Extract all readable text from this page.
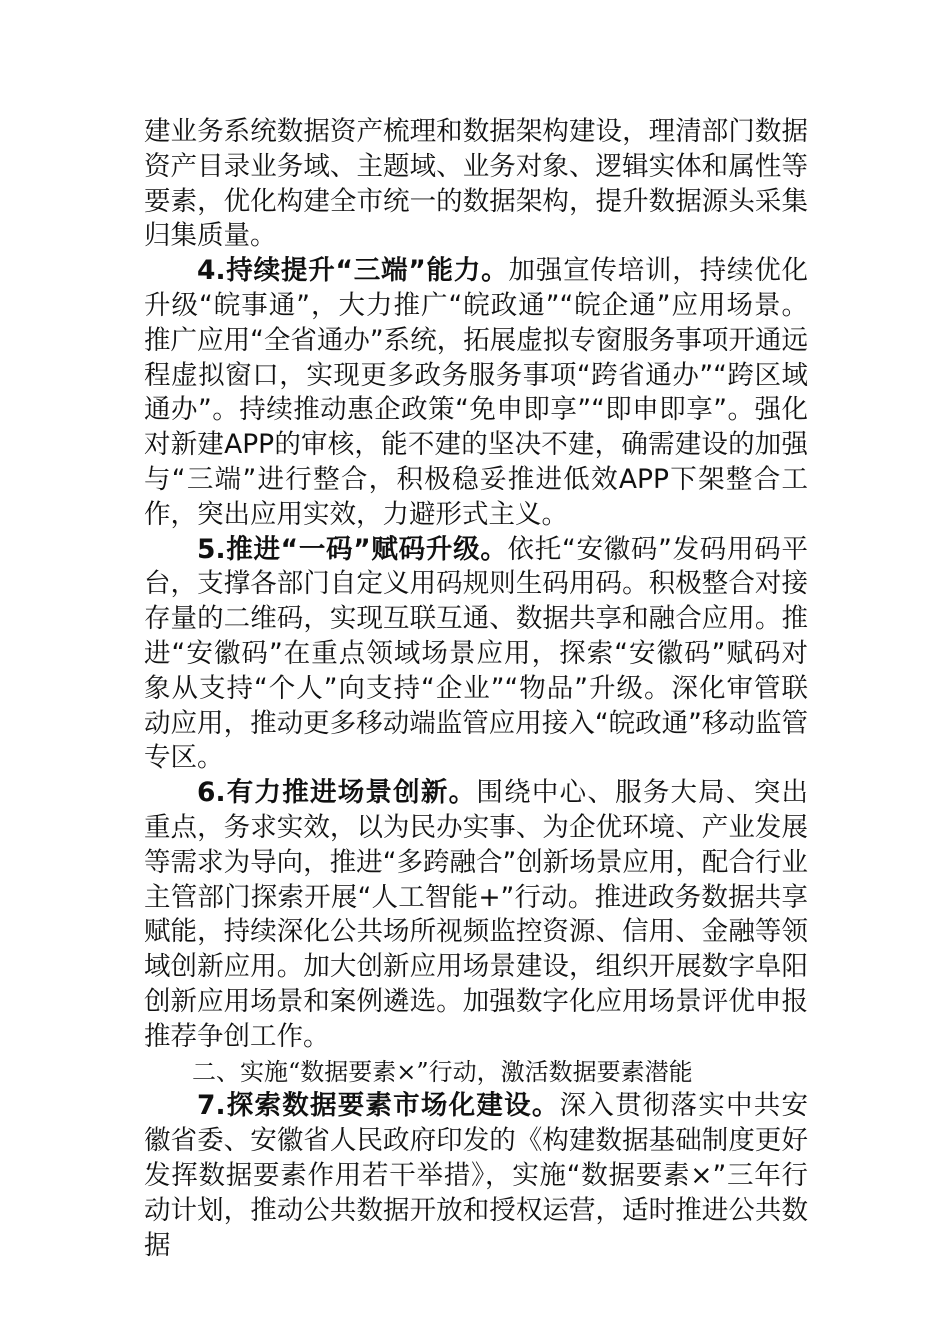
建业务系统数据资产梳理和数据架构建设，理清部门数据资产目录业务域、主题域、业务对象、逻辑实体和属性等要素，优化构建全市统一的数据架构，提升数据源头采集归集质量。

4.持续提升“三端”能力。加强宣传培训，持续优化升级“皖事通”，大力推广“皖政通”“皖企通”应用场景。推广应用“全省通办”系统，拓展虚拟专窗服务事项开通远程虚拟窗口，实现更多政务服务事项“跨省通办”“跨区域通办”。持续推动惠企政策“免申即享”“即申即享”。强化对新建APP的审核，能不建的坚决不建，确需建设的加强与“三端”进行整合，积极稳妥推进低效APP下架整合工作，突出应用实效，力避形式主义。

5.推进“一码”赋码升级。依托“安徽码”发码用码平台，支撑各部门自定义用码规则生码用码。积极整合对接存量的二维码，实现互联互通、数据共享和融合应用。推进“安徽码”在重点领域场景应用，探索“安徽码”赋码对象从支持“个人”向支持“企业”“物品”升级。深化审管联动应用，推动更多移动端监管应用接入“皖政通”移动监管专区。

6.有力推进场景创新。围绕中心、服务大局、突出重点，务求实效，以为民办实事、为企优环境、产业发展等需求为导向，推进“多跨融合”创新场景应用，配合行业主管部门探索开展“人工智能+”行动。推进政务数据共享赋能，持续深化公共场所视频监控资源、信用、金融等领域创新应用。加大创新应用场景建设，组织开展数字阜阳创新应用场景和案例遴选。加强数字化应用场景评优申报推荐争创工作。

二、实施“数据要素×”行动，激活数据要素潜能

7.探索数据要素市场化建设。深入贯彻落实中共安徽省委、安徽省人民政府印发的《构建数据基础制度更好发挥数据要素作用若干举措》，实施“数据要素×”三年行动计划，推动公共数据开放和授权运营，适时推进公共数据
